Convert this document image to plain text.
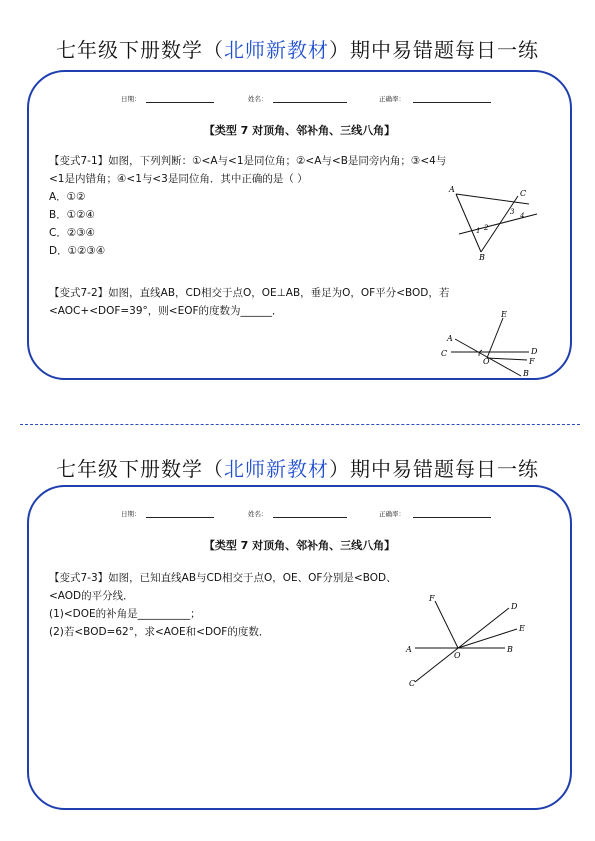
七年级下册数学（北师新教材）期中易错题每日一练
日期：	姓名：	正确率：
【类型 7 对顶角、邻补角、三线八角】
【变式7-1】如图，下列判断：①<A与<1是同位角；②<A与<B是同旁内角；③<4与
<1是内错角；④<1与<3是同位角．其中正确的是（ ）
A．①②
B．①②④
C．②③④
D．①②③④
A	C
3 4
1 2
B
【变式7-2】如图，直线AB，CD相交于点O，OE⊥AB，垂足为O，OF平分<BOD，若
<AOC+<DOF=39°，则<EOF的度数为______．	E
A
C
O
D
F
B
七年级下册数学（北师新教材）期中易错题每日一练
日期：	姓名：	正确率：
【类型 7 对顶角、邻补角、三线八角】
【变式7-3】如图，已知直线AB与CD相交于点O，OE、OF分别是<BOD、
<AOD的平分线．
(1)<DOE的补角是__________；
(2)若<BOD=62°，求<AOE和<DOF的度数．
F
D
E
A
O
B
C
